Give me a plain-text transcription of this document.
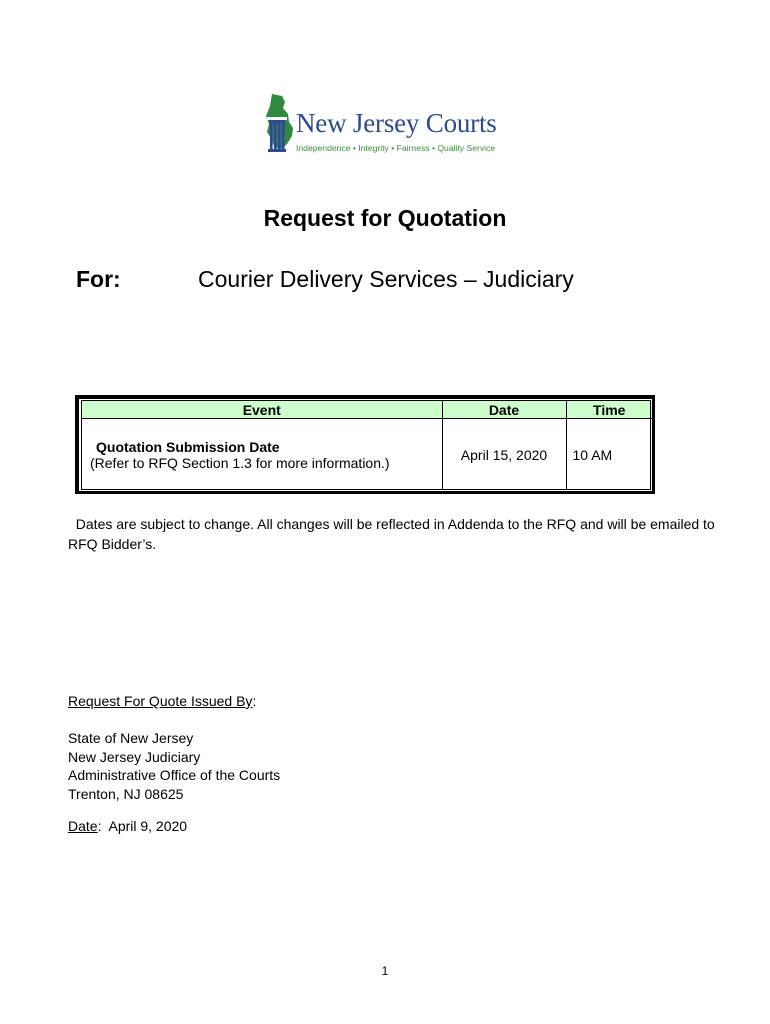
New Jersey Courts
Independence • Integrity • Fairness • Quality Service
Request for Quotation
For:	Courier Delivery Services – Judiciary
Event	Date	Time

Quotation Submission Date
(Refer to RFQ Section 1.3 for more information.)	April 15, 2020	10 AM
Dates are subject to change. All changes will be reflected in Addenda to the RFQ and will be emailed to RFQ Bidder’s.
Request For Quote Issued By:
State of New Jersey
New Jersey Judiciary
Administrative Office of the Courts
Trenton, NJ 08625
Date:  April 9, 2020
1
